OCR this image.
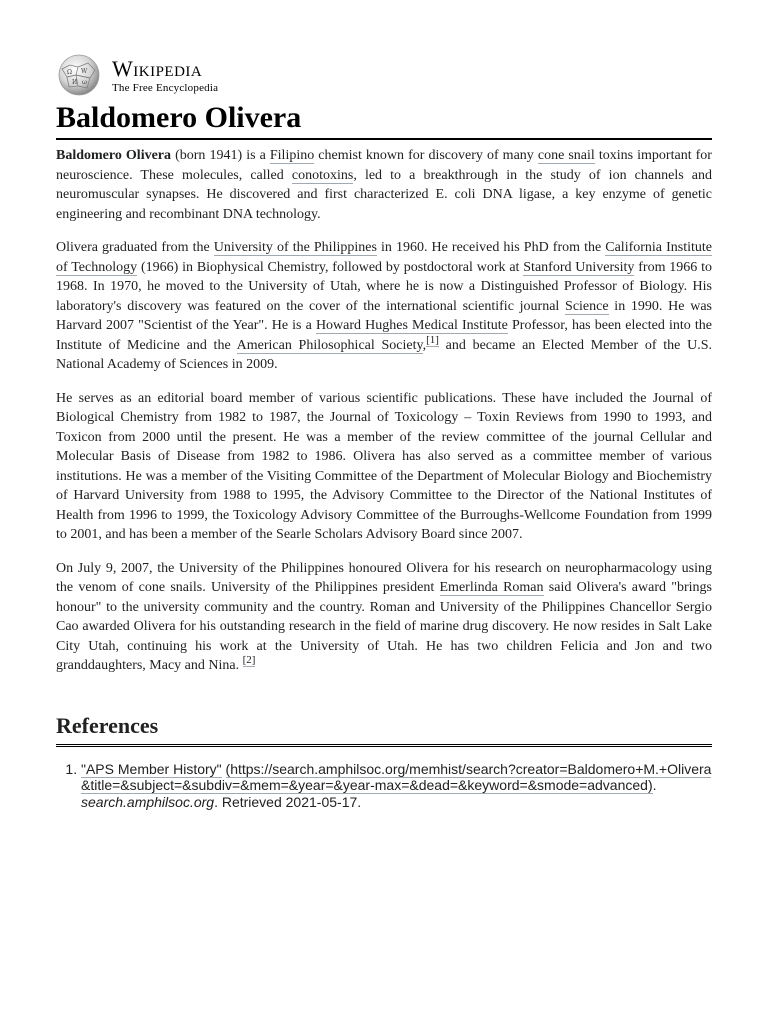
Ω W
И ω
Wikipedia
The Free Encyclopedia
Baldomero Olivera

Baldomero Olivera (born 1941) is a Filipino chemist known for discovery of many cone snail toxins important for neuroscience. These molecules, called conotoxins, led to a breakthrough in the study of ion channels and neuromuscular synapses. He discovered and first characterized E. coli DNA ligase, a key enzyme of genetic engineering and recombinant DNA technology.

Olivera graduated from the University of the Philippines in 1960. He received his PhD from the California Institute of Technology (1966) in Biophysical Chemistry, followed by postdoctoral work at Stanford University from 1966 to 1968. In 1970, he moved to the University of Utah, where he is now a Distinguished Professor of Biology. His laboratory's discovery was featured on the cover of the international scientific journal Science in 1990. He was Harvard 2007 "Scientist of the Year". He is a Howard Hughes Medical Institute Professor, has been elected into the Institute of Medicine and the American Philosophical Society,[1] and became an Elected Member of the U.S. National Academy of Sciences in 2009.

He serves as an editorial board member of various scientific publications. These have included the Journal of Biological Chemistry from 1982 to 1987, the Journal of Toxicology – Toxin Reviews from 1990 to 1993, and Toxicon from 2000 until the present. He was a member of the review committee of the journal Cellular and Molecular Basis of Disease from 1982 to 1986. Olivera has also served as a committee member of various institutions. He was a member of the Visiting Committee of the Department of Molecular Biology and Biochemistry of Harvard University from 1988 to 1995, the Advisory Committee to the Director of the National Institutes of Health from 1996 to 1999, the Toxicology Advisory Committee of the Burroughs-Wellcome Foundation from 1999 to 2001, and has been a member of the Searle Scholars Advisory Board since 2007.

On July 9, 2007, the University of the Philippines honoured Olivera for his research on neuropharmacology using the venom of cone snails. University of the Philippines president Emerlinda Roman said Olivera's award "brings honour" to the university community and the country. Roman and University of the Philippines Chancellor Sergio Cao awarded Olivera for his outstanding research in the field of marine drug discovery. He now resides in Salt Lake City Utah, continuing his work at the University of Utah. He has two children Felicia and Jon and two granddaughters, Macy and Nina. [2]

References
1. "APS Member History" (https://search.amphilsoc.org/memhist/search?creator=Baldomero+M.+Olivera&title=&subject=&subdiv=&mem=&year=&year-max=&dead=&keyword=&smode=advanced). search.amphilsoc.org. Retrieved 2021-05-17.
